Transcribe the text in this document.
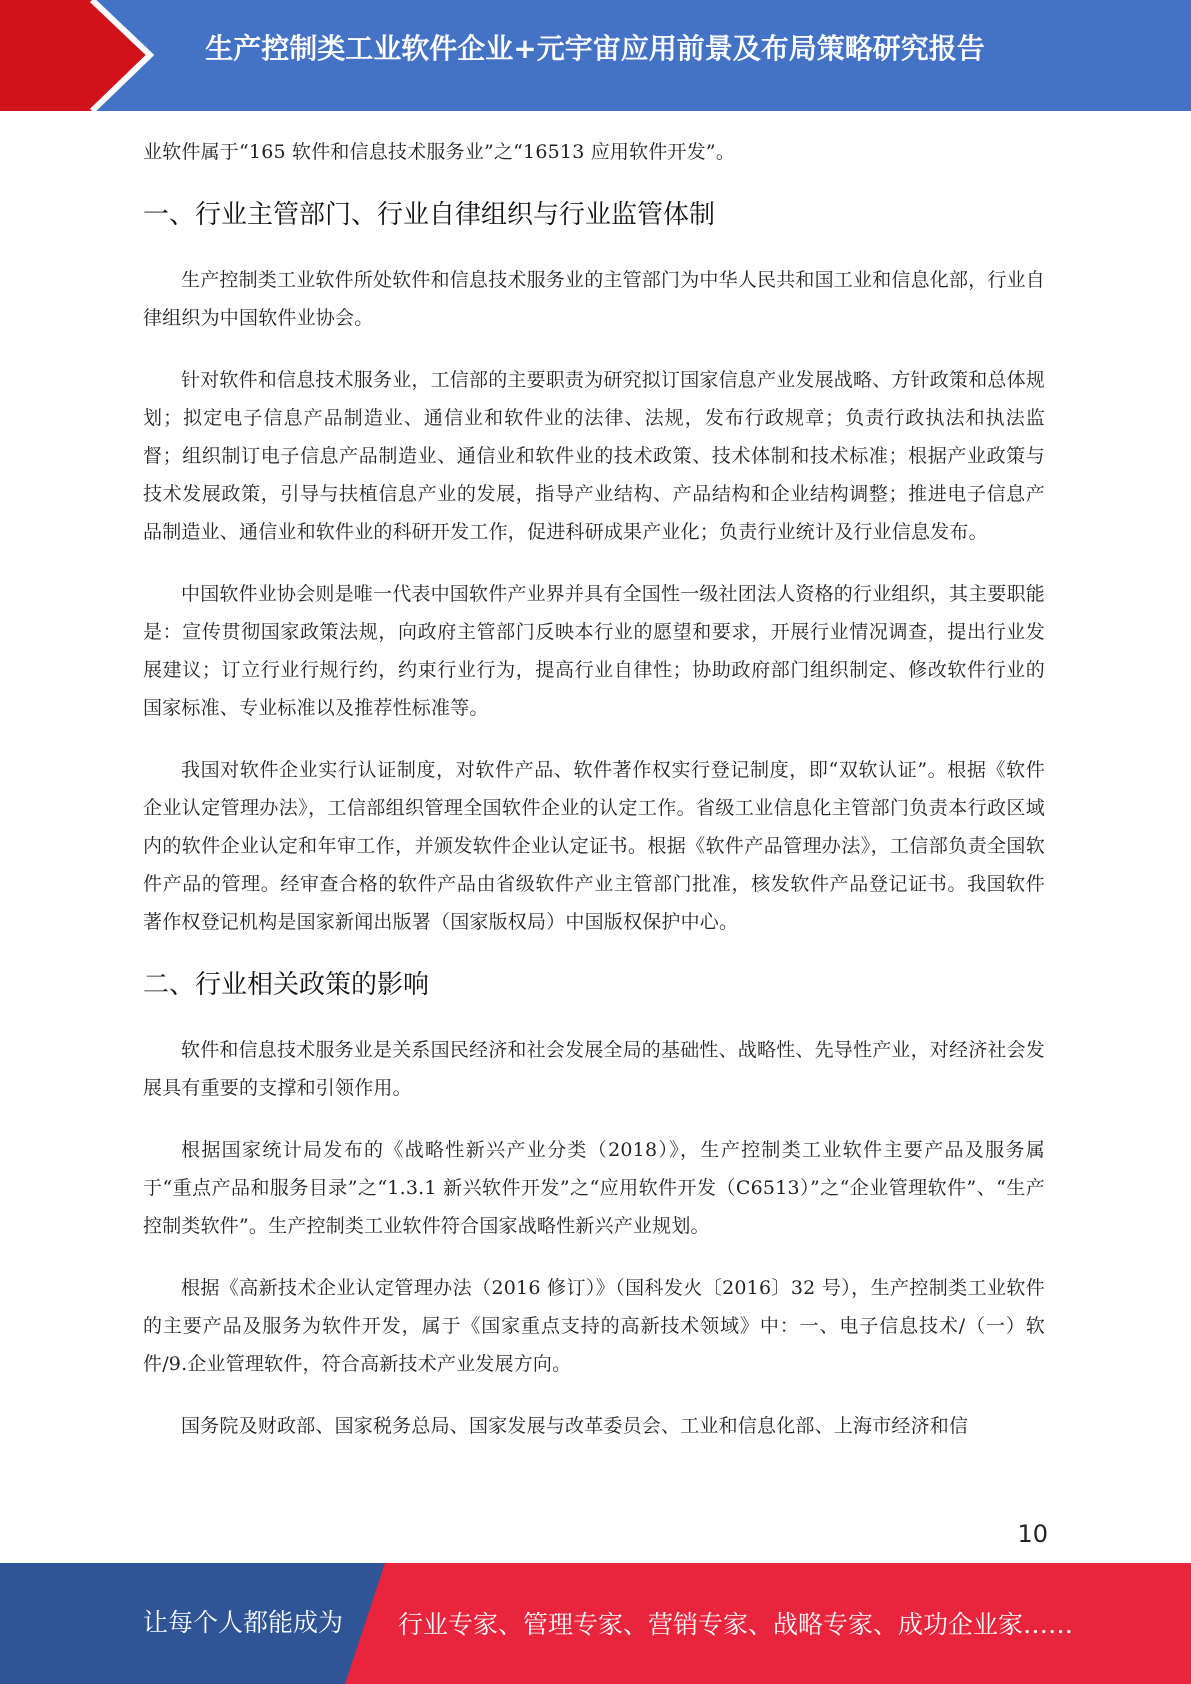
生产控制类工业软件企业+元宇宙应用前景及布局策略研究报告

业软件属于“165 软件和信息技术服务业”之“16513 应用软件开发”。

一、行业主管部门、行业自律组织与行业监管体制

生产控制类工业软件所处软件和信息技术服务业的主管部门为中华人民共和国工业和信息化部，行业自律组织为中国软件业协会。

针对软件和信息技术服务业，工信部的主要职责为研究拟订国家信息产业发展战略、方针政策和总体规划；拟定电子信息产品制造业、通信业和软件业的法律、法规，发布行政规章；负责行政执法和执法监督；组织制订电子信息产品制造业、通信业和软件业的技术政策、技术体制和技术标准；根据产业政策与技术发展政策，引导与扶植信息产业的发展，指导产业结构、产品结构和企业结构调整；推进电子信息产品制造业、通信业和软件业的科研开发工作，促进科研成果产业化；负责行业统计及行业信息发布。

中国软件业协会则是唯一代表中国软件产业界并具有全国性一级社团法人资格的行业组织，其主要职能是：宣传贯彻国家政策法规，向政府主管部门反映本行业的愿望和要求，开展行业情况调查，提出行业发展建议；订立行业行规行约，约束行业行为，提高行业自律性；协助政府部门组织制定、修改软件行业的国家标准、专业标准以及推荐性标准等。

我国对软件企业实行认证制度，对软件产品、软件著作权实行登记制度，即“双软认证”。根据《软件企业认定管理办法》，工信部组织管理全国软件企业的认定工作。省级工业信息化主管部门负责本行政区域内的软件企业认定和年审工作，并颁发软件企业认定证书。根据《软件产品管理办法》，工信部负责全国软件产品的管理。经审查合格的软件产品由省级软件产业主管部门批准，核发软件产品登记证书。我国软件著作权登记机构是国家新闻出版署（国家版权局）中国版权保护中心。

二、行业相关政策的影响

软件和信息技术服务业是关系国民经济和社会发展全局的基础性、战略性、先导性产业，对经济社会发展具有重要的支撑和引领作用。

根据国家统计局发布的《战略性新兴产业分类（2018）》，生产控制类工业软件主要产品及服务属于“重点产品和服务目录”之“1.3.1 新兴软件开发”之“应用软件开发（C6513）”之“企业管理软件”、“生产控制类软件”。生产控制类工业软件符合国家战略性新兴产业规划。

根据《高新技术企业认定管理办法（2016 修订）》（国科发火〔2016〕32 号），生产控制类工业软件的主要产品及服务为软件开发，属于《国家重点支持的高新技术领域》中：一、电子信息技术/（一）软件/9.企业管理软件，符合高新技术产业发展方向。

国务院及财政部、国家税务总局、国家发展与改革委员会、工业和信息化部、上海市经济和信

10
让每个人都能成为 行业专家、管理专家、营销专家、战略专家、成功企业家……
